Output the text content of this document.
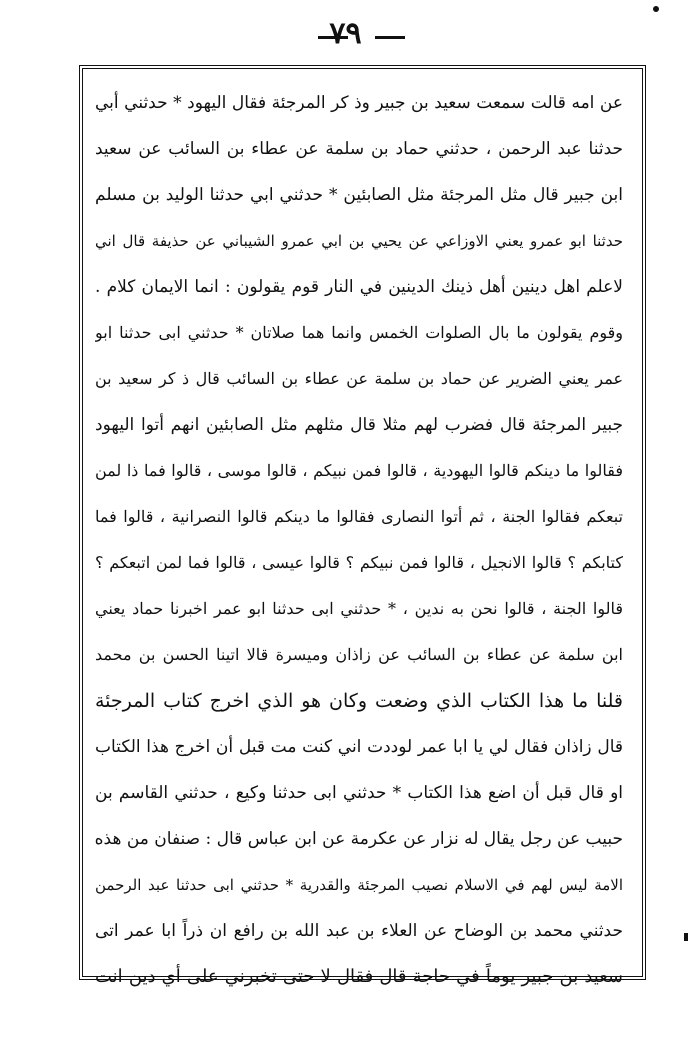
٧٩
عن امه قالت سمعت سعيد بن جبير وذ كر المرجئة فقال اليهود * حدثني أبي
حدثنا عبد الرحمن ، حدثني حماد بن سلمة عن عطاء بن السائب عن سعيد
ابن جبير قال مثل المرجئة مثل الصابئين * حدثني ابي حدثنا الوليد بن مسلم
حدثنا ابو عمرو يعني الاوزاعي عن يحيي بن ابي عمرو الشيباني عن حذيفة قال اني
لاعلم اهل دينين أهل ذينك الدينين في النار قوم يقولون : انما الايمان كلام .
وقوم يقولون ما بال الصلوات الخمس وانما هما صلاتان * حدثني ابى حدثنا ابو
عمر يعني الضرير عن حماد بن سلمة عن عطاء بن السائب قال ذ كر سعيد بن
جبير المرجئة قال فضرب لهم مثلا قال مثلهم مثل الصابئين انهم أتوا اليهود
فقالوا ما دينكم قالوا اليهودية ، قالوا فمن نبيكم ، قالوا موسى ، قالوا فما ذا لمن
تبعكم فقالوا الجنة ، ثم أتوا النصارى فقالوا ما دينكم قالوا النصرانية ، قالوا فما
كتابكم ؟ قالوا الانجيل ، قالوا فمن نبيكم ؟ قالوا عيسى ، قالوا فما لمن اتبعكم ؟
قالوا الجنة ، قالوا نحن به ندين ، * حدثني ابى حدثنا ابو عمر اخبرنا حماد يعني
ابن سلمة عن عطاء بن السائب عن زاذان وميسرة قالا اتينا الحسن بن محمد
قلنا ما هذا الكتاب الذي وضعت وكان هو الذي اخرج كتاب المرجئة
قال زاذان فقال لي يا ابا عمر لوددت اني كنت مت قبل أن اخرج هذا الكتاب
او قال قبل أن اضع هذا الكتاب * حدثني ابى حدثنا وكيع ، حدثني القاسم بن
حبيب عن رجل يقال له نزار عن عكرمة عن ابن عباس قال : صنفان من هذه
الامة ليس لهم في الاسلام نصيب المرجئة والقدرية * حدثني ابى حدثنا عبد الرحمن
حدثني محمد بن الوضاح عن العلاء بن عبد الله بن رافع ان ذراً ابا عمر اتى
سعيد بن جبير يوماً في حاجة قال فقال لا حتى تخبرني على أي دين انت
